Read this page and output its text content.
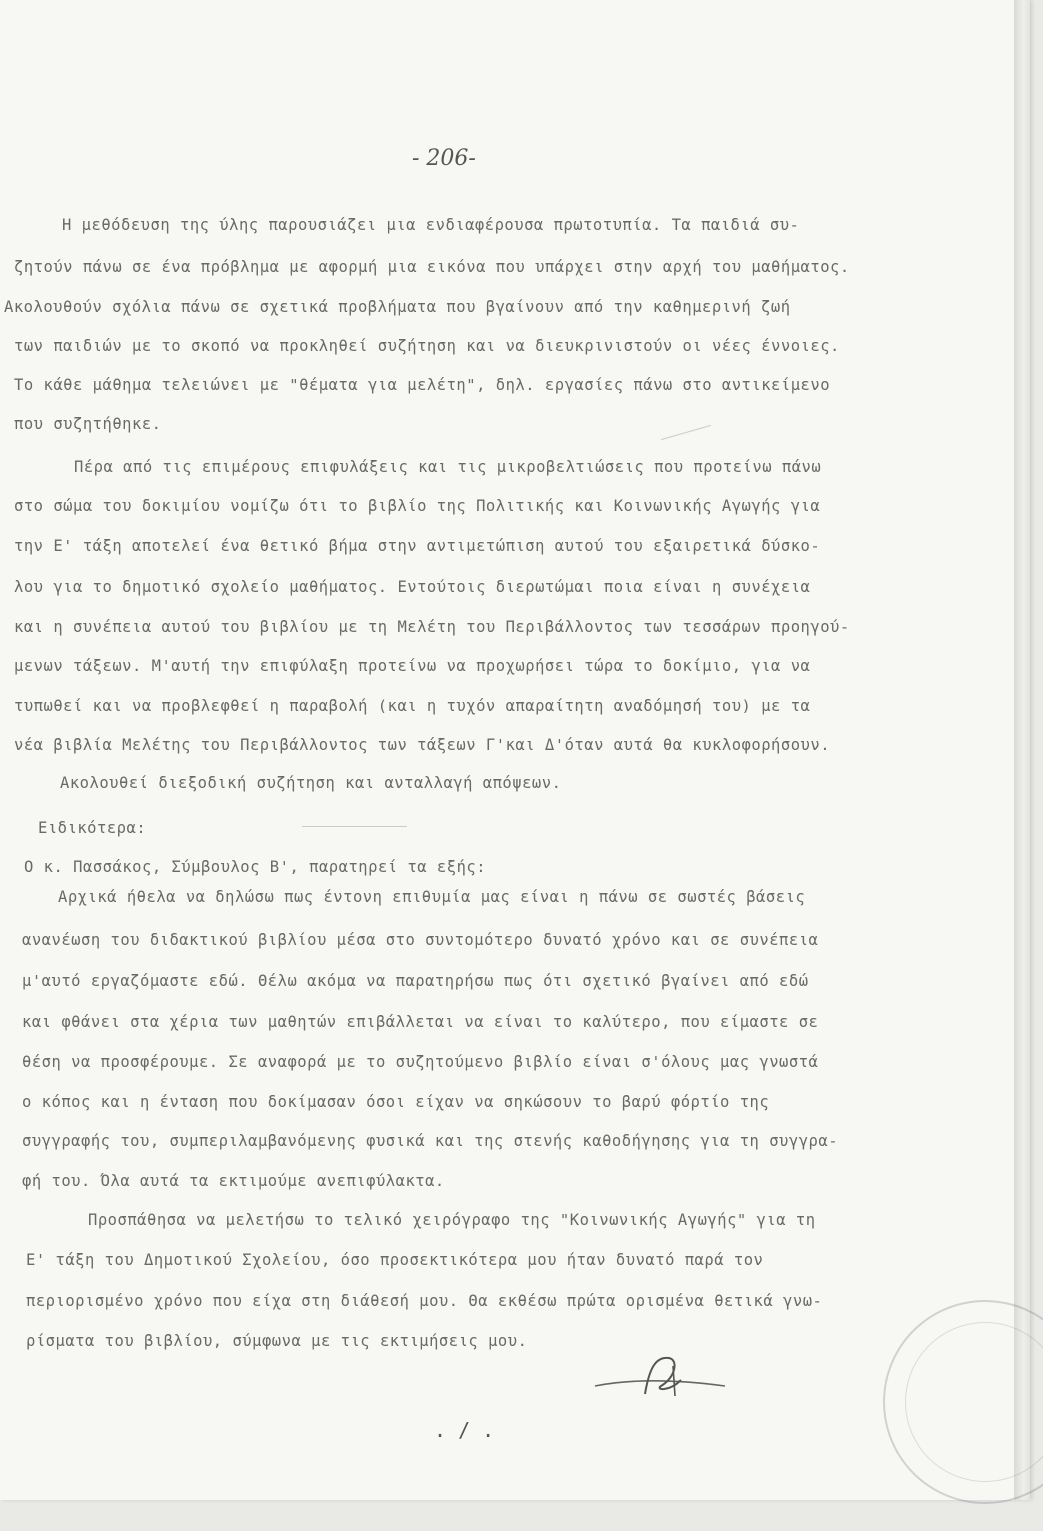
- 206-
Η μεθόδευση της ύλης παρουσιάζει μια ενδιαφέρουσα πρωτοτυπία. Τα παιδιά συ-
ζητούν πάνω σε ένα πρόβλημα με αφορμή μια εικόνα που υπάρχει στην αρχή του μαθήματος.
Ακολουθούν σχόλια πάνω σε σχετικά προβλήματα που βγαίνουν από την καθημερινή ζωή
των παιδιών με το σκοπό να προκληθεί συζήτηση και να διευκρινιστούν οι νέες έννοιες.
Το κάθε μάθημα τελειώνει με "θέματα για μελέτη", δηλ. εργασίες πάνω στο αντικείμενο
που συζητήθηκε.
Πέρα από τις επιμέρους επιφυλάξεις και τις μικροβελτιώσεις που προτείνω πάνω
στο σώμα του δοκιμίου νομίζω ότι το βιβλίο της Πολιτικής και Κοινωνικής Αγωγής για
την Ε' τάξη αποτελεί ένα θετικό βήμα στην αντιμετώπιση αυτού του εξαιρετικά δύσκο-
λου για το δημοτικό σχολείο μαθήματος. Εντούτοις διερωτώμαι ποια είναι η συνέχεια
και η συνέπεια αυτού του βιβλίου με τη Μελέτη του Περιβάλλοντος των τεσσάρων προηγού-
μενων τάξεων. Μ'αυτή την επιφύλαξη προτείνω να προχωρήσει τώρα το δοκίμιο, για να
τυπωθεί και να προβλεφθεί η παραβολή (και η τυχόν απαραίτητη αναδόμησή του) με τα
νέα βιβλία Μελέτης του Περιβάλλοντος των τάξεων Γ'και Δ'όταν αυτά θα κυκλοφορήσουν.
Ακολουθεί διεξοδική συζήτηση και ανταλλαγή απόψεων.
Ειδικότερα:
Ο κ. Πασσάκος, Σύμβουλος Β', παρατηρεί τα εξής:
Αρχικά ήθελα να δηλώσω πως έντονη επιθυμία μας είναι η πάνω σε σωστές βάσεις
ανανέωση του διδακτικού βιβλίου μέσα στο συντομότερο δυνατό χρόνο και σε συνέπεια
μ'αυτό εργαζόμαστε εδώ. Θέλω ακόμα να παρατηρήσω πως ότι σχετικό βγαίνει από εδώ
και φθάνει στα χέρια των μαθητών επιβάλλεται να είναι το καλύτερο, που είμαστε σε
θέση να προσφέρουμε. Σε αναφορά με το συζητούμενο βιβλίο είναι σ'όλους μας γνωστά
ο κόπος και η ένταση που δοκίμασαν όσοι είχαν να σηκώσουν το βαρύ φόρτίο της
συγγραφής του, συμπεριλαμβανόμενης φυσικά και της στενής καθοδήγησης για τη συγγρα-
φή του. Όλα αυτά τα εκτιμούμε ανεπιφύλακτα.
Προσπάθησα να μελετήσω το τελικό χειρόγραφο της "Κοινωνικής Αγωγής" για τη
Ε' τάξη του Δημοτικού Σχολείου, όσο προσεκτικότερα μου ήταν δυνατό παρά τον
περιορισμένο χρόνο που είχα στη διάθεσή μου. Θα εκθέσω πρώτα ορισμένα θετικά γνω-
ρίσματα του βιβλίου, σύμφωνα με τις εκτιμήσεις μου.
. / .
